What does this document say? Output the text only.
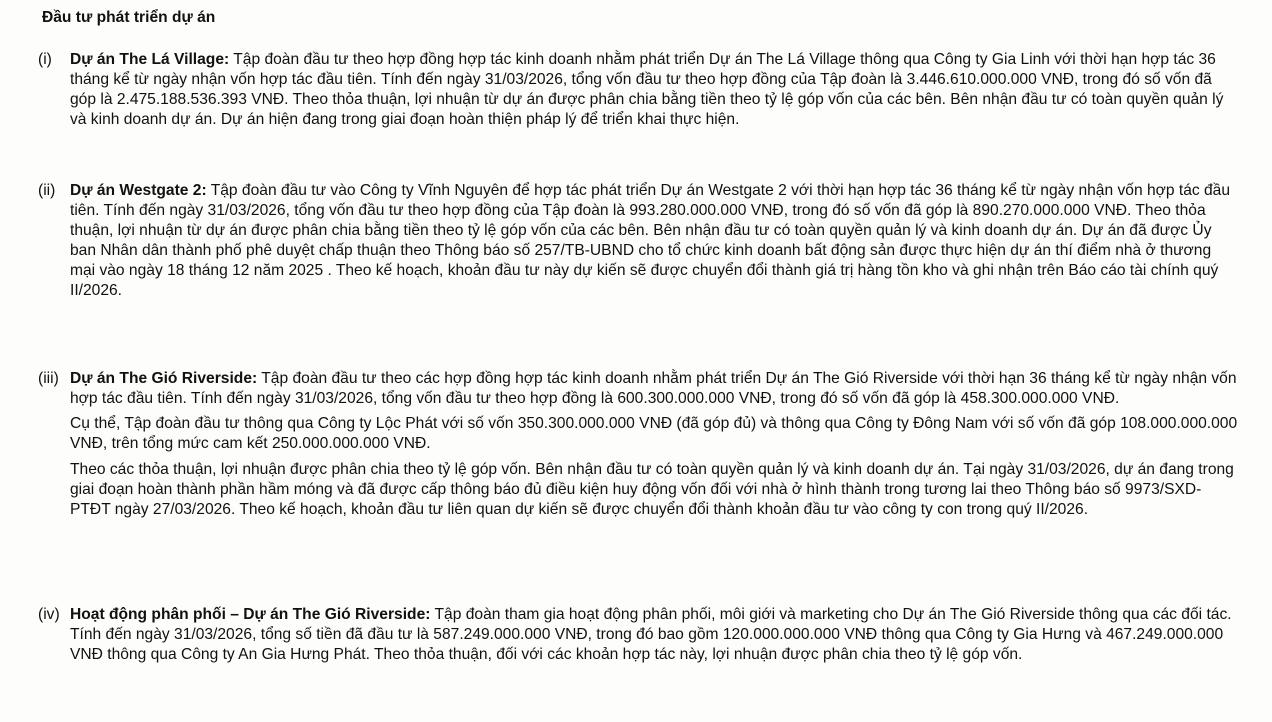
Đầu tư phát triển dự án
(i) Dự án The Lá Village: Tập đoàn đầu tư theo hợp đồng hợp tác kinh doanh nhằm phát triển Dự án The Lá Village thông qua Công ty Gia Linh với thời hạn hợp tác 36 tháng kể từ ngày nhận vốn hợp tác đầu tiên. Tính đến ngày 31/03/2026, tổng vốn đầu tư theo hợp đồng của Tập đoàn là 3.446.610.000.000 VNĐ, trong đó số vốn đã góp là 2.475.188.536.393 VNĐ. Theo thỏa thuận, lợi nhuận từ dự án được phân chia bằng tiền theo tỷ lệ góp vốn của các bên. Bên nhận đầu tư có toàn quyền quản lý và kinh doanh dự án. Dự án hiện đang trong giai đoạn hoàn thiện pháp lý để triển khai thực hiện.

(ii) Dự án Westgate 2: Tập đoàn đầu tư vào Công ty Vĩnh Nguyên để hợp tác phát triển Dự án Westgate 2 với thời hạn hợp tác 36 tháng kể từ ngày nhận vốn hợp tác đầu tiên. Tính đến ngày 31/03/2026, tổng vốn đầu tư theo hợp đồng của Tập đoàn là 993.280.000.000 VNĐ, trong đó số vốn đã góp là 890.270.000.000 VNĐ. Theo thỏa thuận, lợi nhuận từ dự án được phân chia bằng tiền theo tỷ lệ góp vốn của các bên. Bên nhận đầu tư có toàn quyền quản lý và kinh doanh dự án. Dự án đã được Ủy ban Nhân dân thành phố phê duyệt chấp thuận theo Thông báo số 257/TB-UBND cho tổ chức kinh doanh bất động sản được thực hiện dự án thí điểm nhà ở thương mại vào ngày 18 tháng 12 năm 2025 . Theo kế hoạch, khoản đầu tư này dự kiến sẽ được chuyển đổi thành giá trị hàng tồn kho và ghi nhận trên Báo cáo tài chính quý II/2026.

(iii) Dự án The Gió Riverside: Tập đoàn đầu tư theo các hợp đồng hợp tác kinh doanh nhằm phát triển Dự án The Gió Riverside với thời hạn 36 tháng kể từ ngày nhận vốn hợp tác đầu tiên. Tính đến ngày 31/03/2026, tổng vốn đầu tư theo hợp đồng là 600.300.000.000 VNĐ, trong đó số vốn đã góp là 458.300.000.000 VNĐ.

Cụ thể, Tập đoàn đầu tư thông qua Công ty Lộc Phát với số vốn 350.300.000.000 VNĐ (đã góp đủ) và thông qua Công ty Đông Nam với số vốn đã góp 108.000.000.000 VNĐ, trên tổng mức cam kết 250.000.000.000 VNĐ.

Theo các thỏa thuận, lợi nhuận được phân chia theo tỷ lệ góp vốn. Bên nhận đầu tư có toàn quyền quản lý và kinh doanh dự án. Tại ngày 31/03/2026, dự án đang trong giai đoạn hoàn thành phần hầm móng và đã được cấp thông báo đủ điều kiện huy động vốn đối với nhà ở hình thành trong tương lai theo Thông báo số 9973/SXD-PTĐT ngày 27/03/2026. Theo kế hoạch, khoản đầu tư liên quan dự kiến sẽ được chuyển đổi thành khoản đầu tư vào công ty con trong quý II/2026.

(iv) Hoạt động phân phối – Dự án The Gió Riverside: Tập đoàn tham gia hoạt động phân phối, môi giới và marketing cho Dự án The Gió Riverside thông qua các đối tác. Tính đến ngày 31/03/2026, tổng số tiền đã đầu tư là 587.249.000.000 VNĐ, trong đó bao gồm 120.000.000.000 VNĐ thông qua Công ty Gia Hưng và 467.249.000.000 VNĐ thông qua Công ty An Gia Hưng Phát. Theo thỏa thuận, đối với các khoản hợp tác này, lợi nhuận được phân chia theo tỷ lệ góp vốn.
